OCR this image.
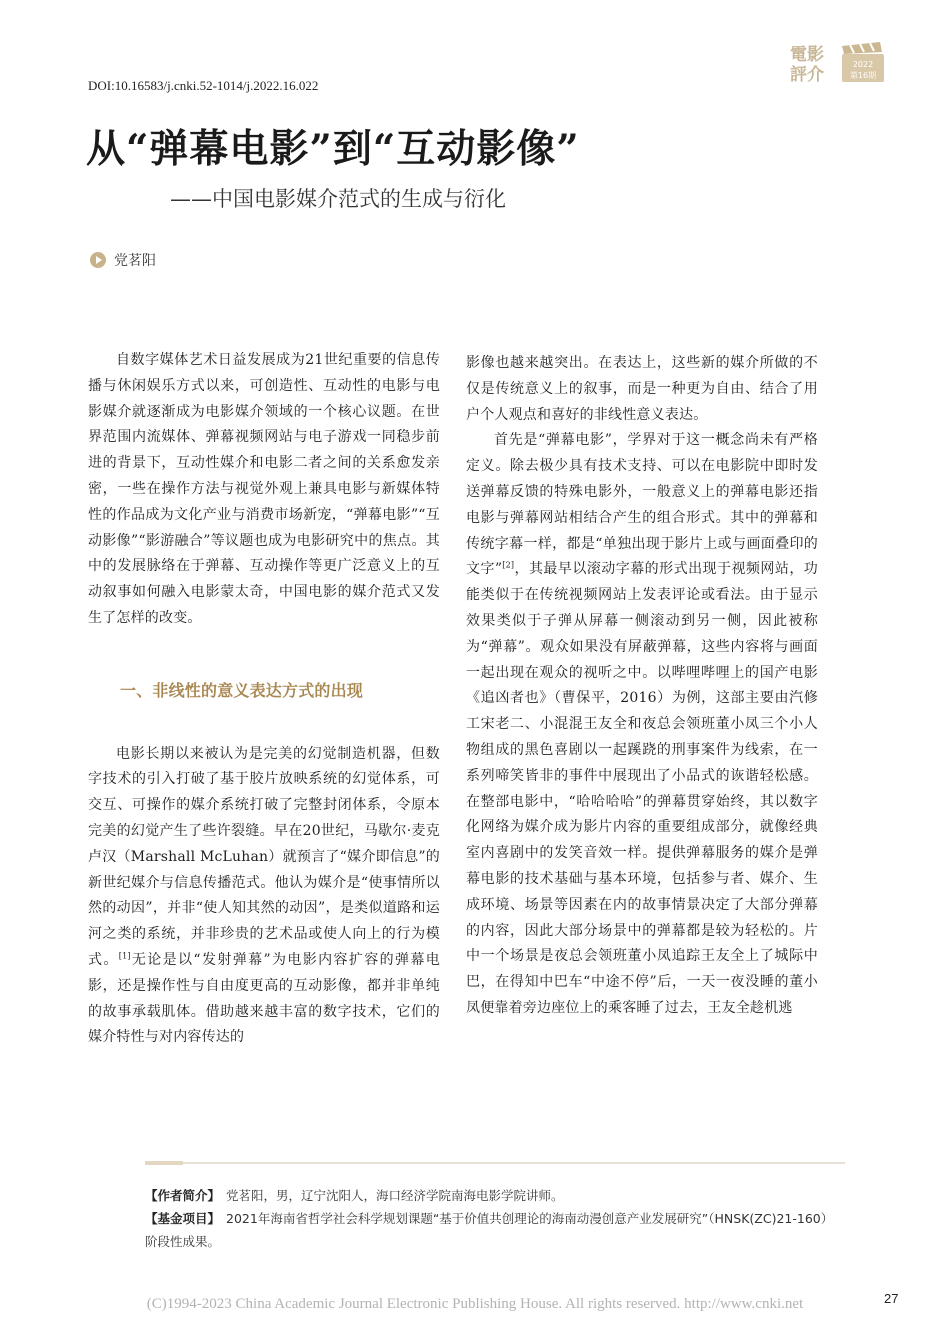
DOI:10.16583/j.cnki.52-1014/j.2022.16.022
電影
評介
2022
第16期
从“弹幕电影”到“互动影像”
——中国电影媒介范式的生成与衍化
党茗阳

自数字媒体艺术日益发展成为21世纪重要的信息传播与休闲娱乐方式以来，可创造性、互动性的电影与电影媒介就逐渐成为电影媒介领域的一个核心议题。在世界范围内流媒体、弹幕视频网站与电子游戏一同稳步前进的背景下，互动性媒介和电影二者之间的关系愈发亲密，一些在操作方法与视觉外观上兼具电影与新媒体特性的作品成为文化产业与消费市场新宠，“弹幕电影”“互动影像”“影游融合”等议题也成为电影研究中的焦点。其中的发展脉络在于弹幕、互动操作等更广泛意义上的互动叙事如何融入电影蒙太奇，中国电影的媒介范式又发生了怎样的改变。

一、非线性的意义表达方式的出现

电影长期以来被认为是完美的幻觉制造机器，但数字技术的引入打破了基于胶片放映系统的幻觉体系，可交互、可操作的媒介系统打破了完整封闭体系，令原本完美的幻觉产生了些许裂缝。早在20世纪，马歇尔·麦克卢汉（Marshall McLuhan）就预言了“媒介即信息”的新世纪媒介与信息传播范式。他认为媒介是“使事情所以然的动因”，并非“使人知其然的动因”，是类似道路和运河之类的系统，并非珍贵的艺术品或使人向上的行为模式。[1]无论是以“发射弹幕”为电影内容扩容的弹幕电影，还是操作性与自由度更高的互动影像，都并非单纯的故事承载肌体。借助越来越丰富的数字技术，它们的媒介特性与对内容传达的

影像也越来越突出。在表达上，这些新的媒介所做的不仅是传统意义上的叙事，而是一种更为自由、结合了用户个人观点和喜好的非线性意义表达。

首先是“弹幕电影”，学界对于这一概念尚未有严格定义。除去极少具有技术支持、可以在电影院中即时发送弹幕反馈的特殊电影外，一般意义上的弹幕电影还指电影与弹幕网站相结合产生的组合形式。其中的弹幕和传统字幕一样，都是“单独出现于影片上或与画面叠印的文字”[2]，其最早以滚动字幕的形式出现于视频网站，功能类似于在传统视频网站上发表评论或看法。由于显示效果类似于子弹从屏幕一侧滚动到另一侧，因此被称为“弹幕”。观众如果没有屏蔽弹幕，这些内容将与画面一起出现在观众的视听之中。以哔哩哔哩上的国产电影《追凶者也》（曹保平，2016）为例，这部主要由汽修工宋老二、小混混王友全和夜总会领班董小凤三个小人物组成的黑色喜剧以一起蹊跷的刑事案件为线索，在一系列啼笑皆非的事件中展现出了小品式的诙谐轻松感。在整部电影中，“哈哈哈哈”的弹幕贯穿始终，其以数字化网络为媒介成为影片内容的重要组成部分，就像经典室内喜剧中的发笑音效一样。提供弹幕服务的媒介是弹幕电影的技术基础与基本环境，包括参与者、媒介、生成环境、场景等因素在内的故事情景决定了大部分弹幕的内容，因此大部分场景中的弹幕都是较为轻松的。片中一个场景是夜总会领班董小凤追踪王友全上了城际中巴，在得知中巴车“中途不停”后，一天一夜没睡的董小凤便靠着旁边座位上的乘客睡了过去，王友全趁机逃

【作者简介】 党茗阳，男，辽宁沈阳人，海口经济学院南海电影学院讲师。
【基金项目】 2021年海南省哲学社会科学规划课题“基于价值共创理论的海南动漫创意产业发展研究”（HNSK(ZC)21-160）阶段性成果。
(C)1994-2023 China Academic Journal Electronic Publishing House. All rights reserved. http://www.cnki.net	27
